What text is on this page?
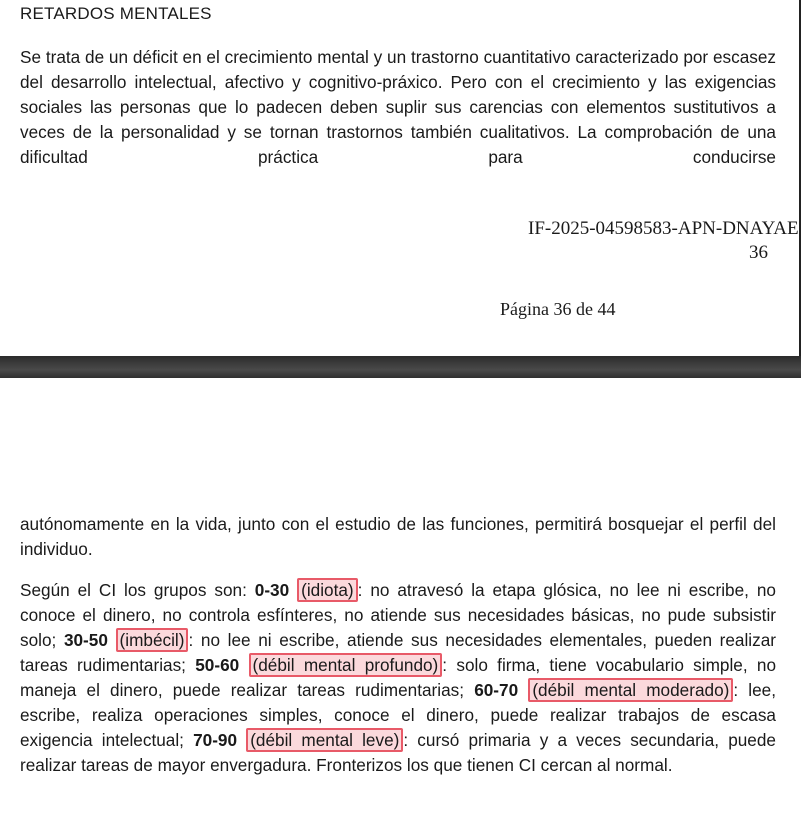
RETARDOS MENTALES

Se trata de un déficit en el crecimiento mental y un trastorno cuantitativo caracterizado por escasez del desarrollo intelectual, afectivo y cognitivo-práxico. Pero con el crecimiento y las exigencias sociales las personas que lo padecen deben suplir sus carencias con elementos sustitutivos a veces de la personalidad y se tornan trastornos también cualitativos. La comprobación de una dificultad práctica para conducirse

IF-2025-04598583-APN-DNAYAE
36
Página 36 de 44

autónomamente en la vida, junto con el estudio de las funciones, permitirá bosquejar el perfil del individuo.

Según el CI los grupos son: 0-30 (idiota) : no atravesó la etapa glósica, no lee ni escribe, no conoce el dinero, no controla esfínteres, no atiende sus necesidades básicas, no pude subsistir solo; 30-50 (imbécil) : no lee ni escribe, atiende sus necesidades elementales, pueden realizar tareas rudimentarias; 50-60 (débil mental profundo) : solo firma, tiene vocabulario simple, no maneja el dinero, puede realizar tareas rudimentarias; 60-70 (débil mental moderado) : lee, escribe, realiza operaciones simples, conoce el dinero, puede realizar trabajos de escasa exigencia intelectual; 70-90 (débil mental leve) : cursó primaria y a veces secundaria, puede realizar tareas de mayor envergadura. Fronterizos los que tienen CI cercan al normal.
